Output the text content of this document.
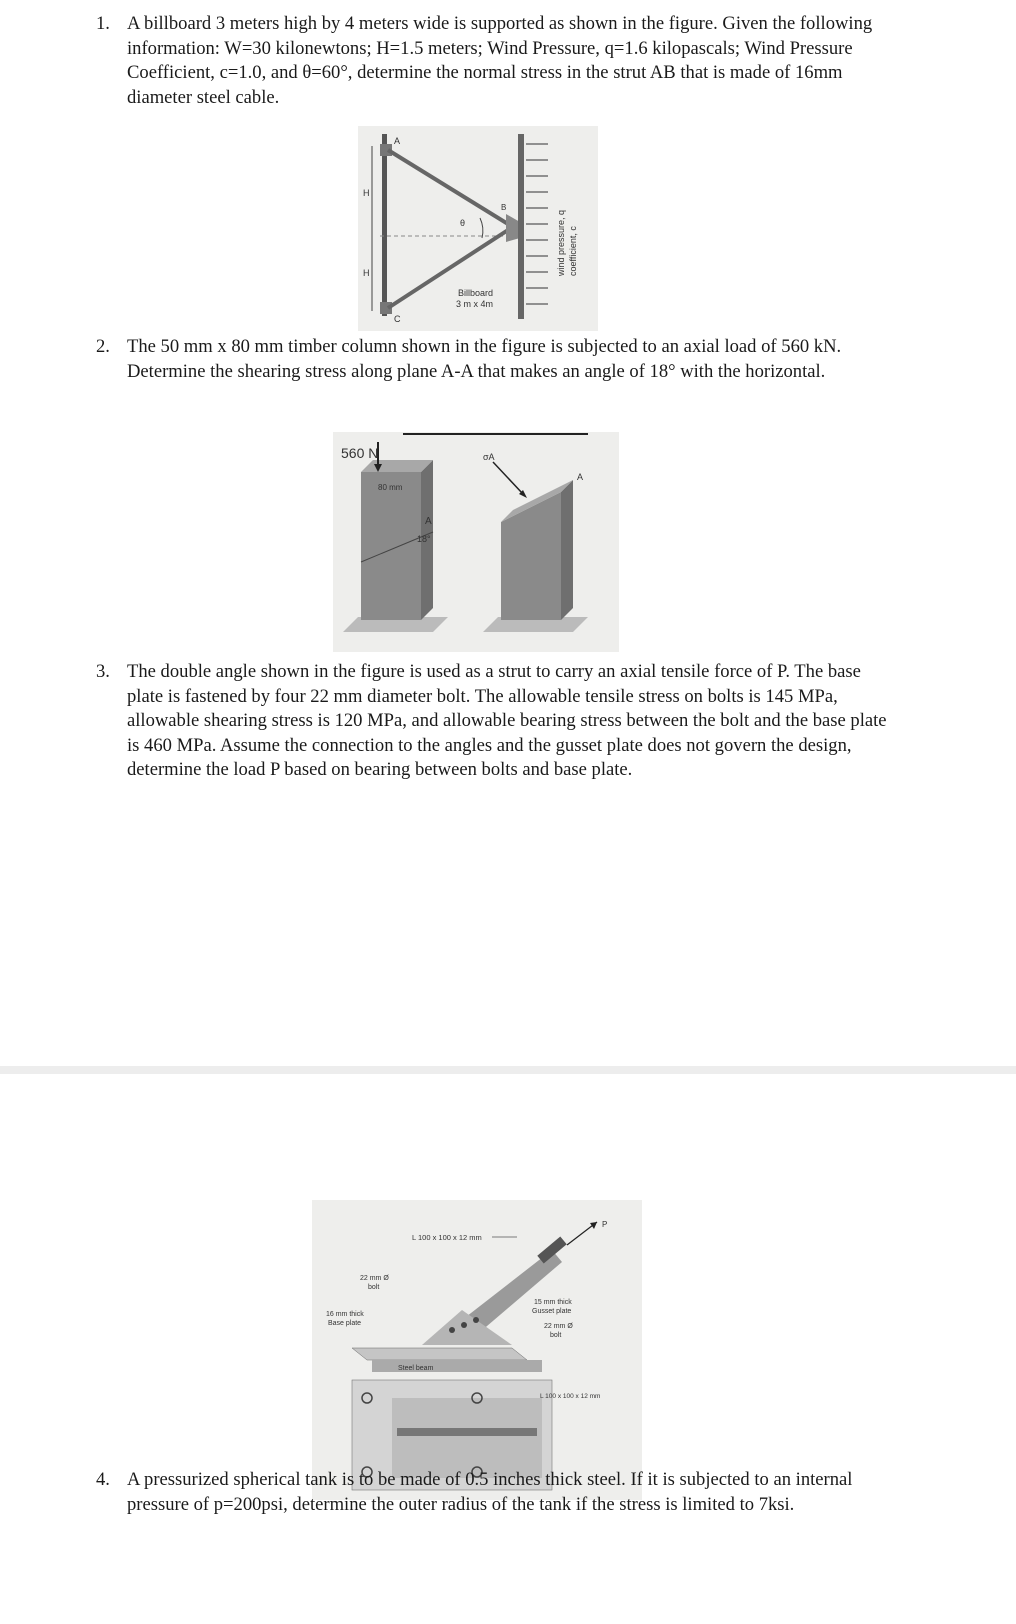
1. A billboard 3 meters high by 4 meters wide is supported as shown in the figure. Given the following information: W=30 kilonewtons; H=1.5 meters; Wind Pressure, q=1.6 kilopascals; Wind Pressure Coefficient, c=1.0, and θ=60°, determine the normal stress in the strut AB that is made of 16mm diameter steel cable.
H
H
A
C
B
θ
Billboard
3 m x 4m
wind pressure, q coefficient, c
2. The 50 mm x 80 mm timber column shown in the figure is subjected to an axial load of 560 kN. Determine the shearing stress along plane A-A that makes an angle of 18° with the horizontal.
560 N
80 mm
A
18°
σA
A
3. The double angle shown in the figure is used as a strut to carry an axial tensile force of P. The base plate is fastened by four 22 mm diameter bolt. The allowable tensile stress on bolts is 145 MPa, allowable shearing stress is 120 MPa, and allowable bearing stress between the bolt and the base plate is 460 MPa. Assume the connection to the angles and the gusset plate does not govern the design, determine the load P based on bearing between bolts and base plate.
L 100 x 100 x 12 mm
P
Steel beam
22 mm Ø
bolt
16 mm thick
Base plate
15 mm thick
Gusset plate
22 mm Ø
bolt
L 100 x 100 x 12 mm
4. A pressurized spherical tank is to be made of 0.5 inches thick steel. If it is subjected to an internal pressure of p=200psi, determine the outer radius of the tank if the stress is limited to 7ksi.
